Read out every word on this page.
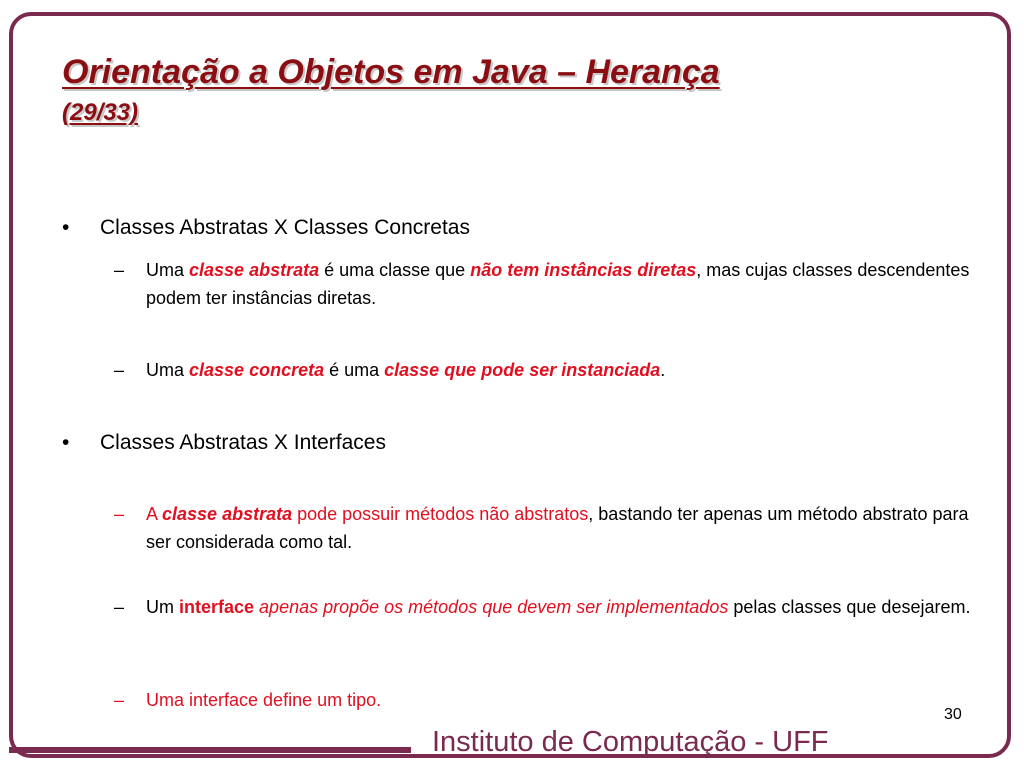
Orientação a Objetos em Java – Herança
(29/33)
• Classes Abstratas X Classes Concretas
– Uma classe abstrata é uma classe que não tem instâncias diretas, mas cujas classes descendentes podem ter instâncias diretas.
– Uma classe concreta é uma classe que pode ser instanciada.
• Classes Abstratas X Interfaces
– A classe abstrata pode possuir métodos não abstratos, bastando ter apenas um método abstrato para ser considerada como tal.
– Um interface apenas propõe os métodos que devem ser implementados pelas classes que desejarem.
– Uma interface define um tipo.
30
Instituto de Computação - UFF
